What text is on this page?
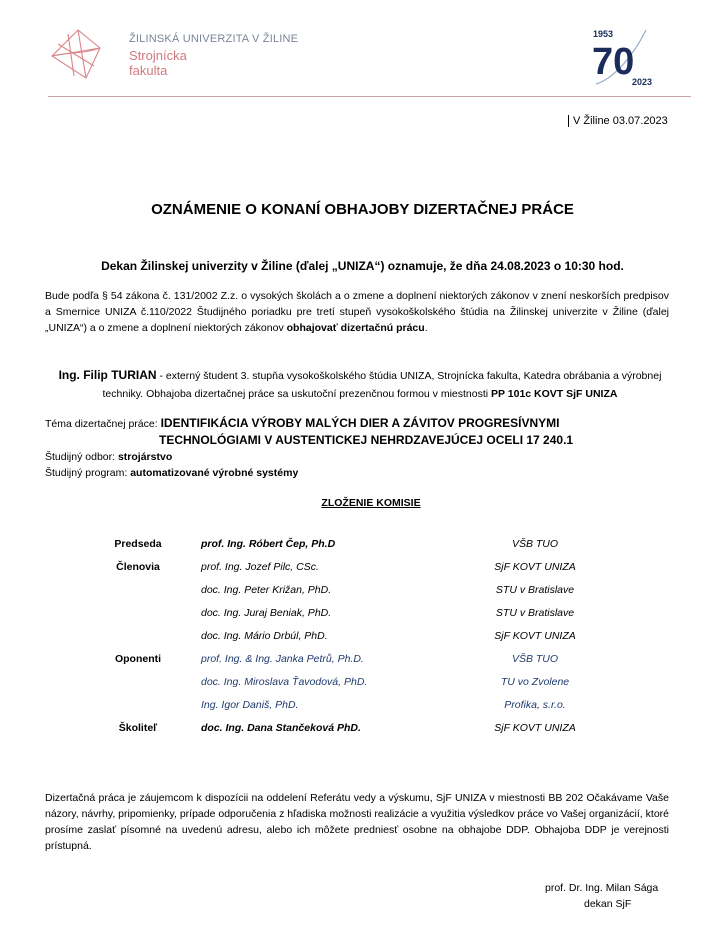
ŽILINSKÁ UNIVERZITA V ŽILINE
Strojnícka
fakulta
1953
70
2023
V Žiline 03.07.2023
OZNÁMENIE O KONANÍ OBHAJOBY DIZERTAČNEJ PRÁCE
Dekan Žilinskej univerzity v Žiline (ďalej „UNIZA“) oznamuje, že dňa 24.08.2023 o 10:30 hod.
Bude podľa § 54 zákona č. 131/2002 Z.z. o vysokých školách a o zmene a doplnení niektorých zákonov v znení neskorších predpisov a Smernice UNIZA č.110/2022 Študijného poriadku pre tretí stupeň vysokoškolského štúdia na Žilinskej univerzite v Žiline (ďalej „UNIZA“) a o zmene a doplnení niektorých zákonov obhajovať dizertačnú prácu.
Ing. Filip TURIAN - externý študent 3. stupňa vysokoškolského štúdia UNIZA, Strojnícka fakulta, Katedra obrábania a výrobnej techniky. Obhajoba dizertačnej práce sa uskutoční prezenčnou formou v miestnosti PP 101c KOVT SjF UNIZA
Téma dizertačnej práce: IDENTIFIKÁCIA VÝROBY MALÝCH DIER A ZÁVITOV PROGRESÍVNYMI
TECHNOLÓGIAMI V AUSTENTICKEJ NEHRDZAVEJÚCEJ OCELI 17 240.1
Študijný odbor: strojárstvo
Študijný program: automatizované výrobné systémy
ZLOŽENIE KOMISIE
Predseda	prof. Ing. Róbert Čep, Ph.D	VŠB TUO
Členovia	prof. Ing. Jozef Pilc, CSc.	SjF KOVT UNIZA
doc. Ing. Peter Križan, PhD.	STU v Bratislave
doc. Ing. Juraj Beniak, PhD.	STU v Bratislave
doc. Ing. Mário Drbúl, PhD.	SjF KOVT UNIZA
Oponenti	prof. Ing. & Ing. Janka Petrů, Ph.D.	VŠB TUO
doc. Ing. Miroslava Ťavodová, PhD.	TU vo Zvolene
Ing. Igor Daniš, PhD.	Profika, s.r.o.
Školiteľ	doc. Ing. Dana Stančeková PhD.	SjF KOVT UNIZA
Dizertačná práca je záujemcom k dispozícii na oddelení Referátu vedy a výskumu, SjF UNIZA v miestnosti BB 202 Očakávame Vaše názory, návrhy, pripomienky, prípade odporučenia z hľadiska možnosti realizácie a využitia výsledkov práce vo Vašej organizácií, ktoré prosíme zaslať písomné na uvedenú adresu, alebo ich môžete predniesť osobne na obhajobe DDP. Obhajoba DDP je verejnosti prístupná.
prof. Dr. Ing. Milan Sága
dekan SjF
